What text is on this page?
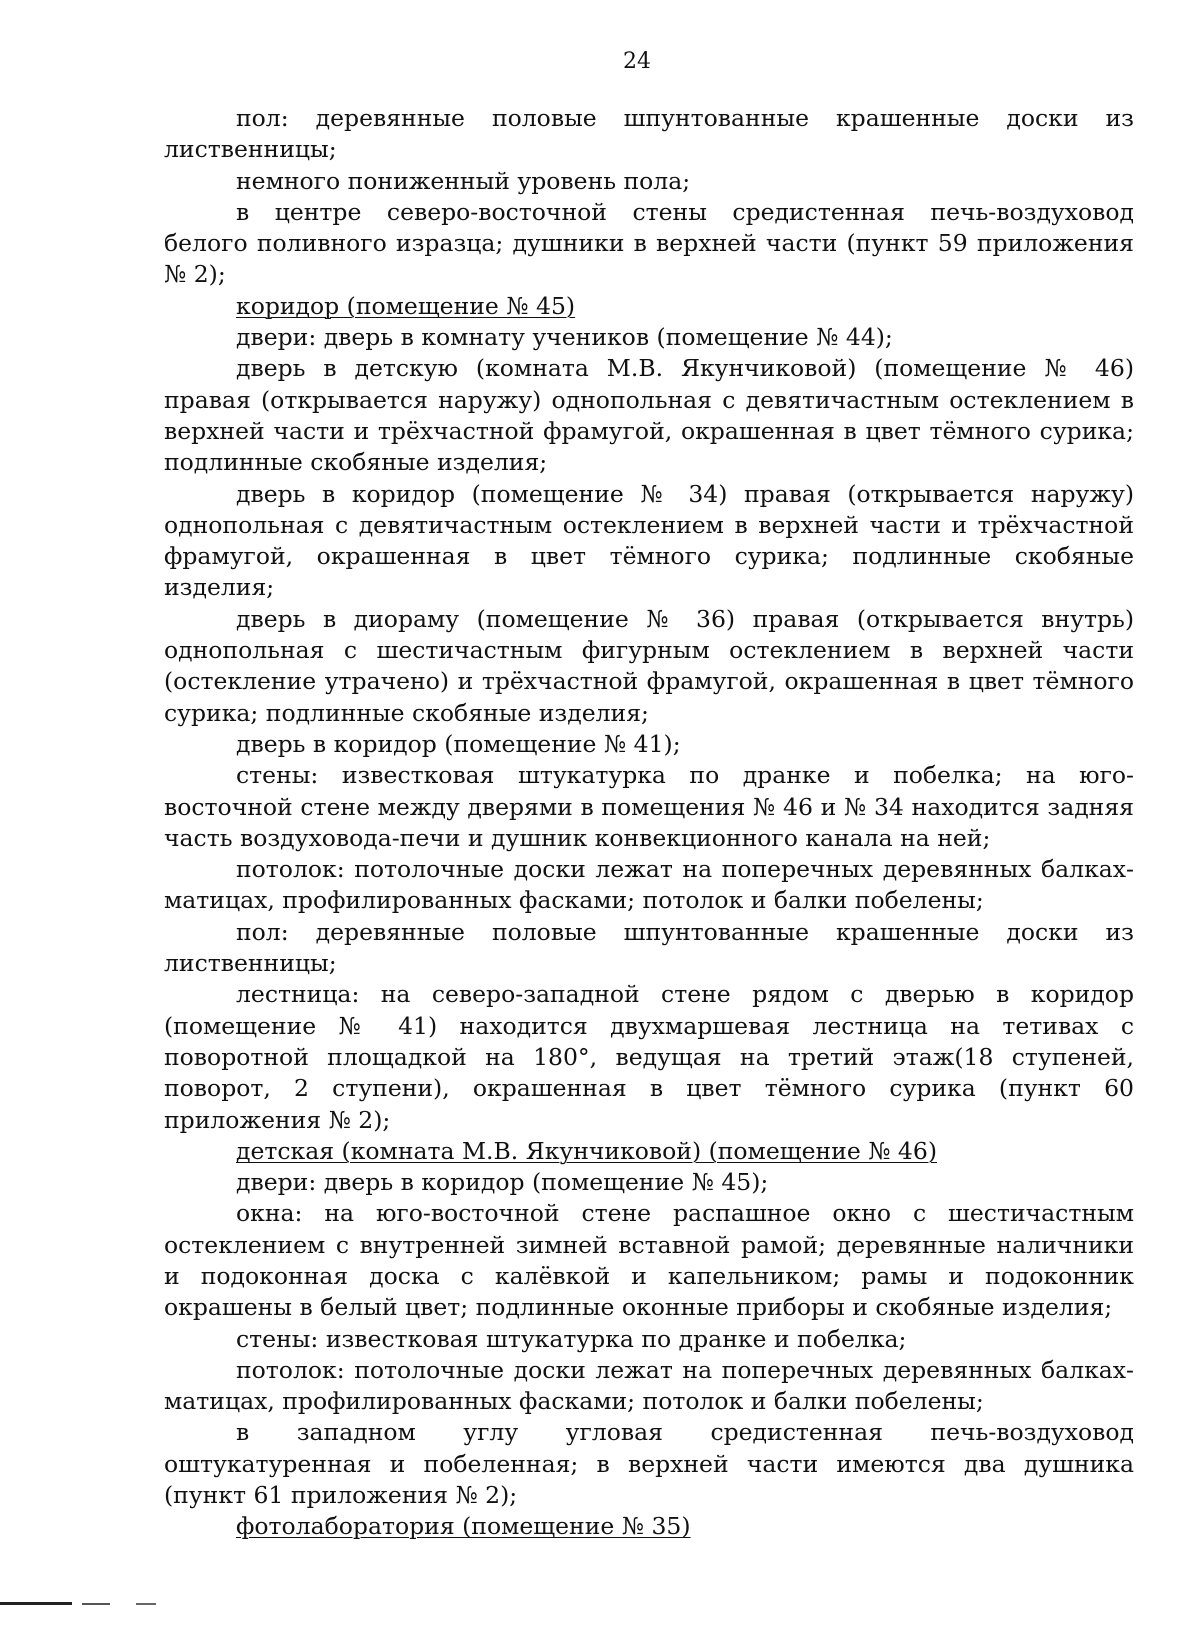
24

пол: деревянные половые шпунтованные крашенные доски из лиственницы;

немного пониженный уровень пола;

в центре северо-восточной стены средистенная печь-воздуховод белого поливного изразца; душники в верхней части (пункт 59 приложения № 2);

коридор (помещение № 45)

двери: дверь в комнату учеников (помещение № 44);

дверь в детскую (комната М.В. Якунчиковой) (помещение № 46) правая (открывается наружу) однопольная с девятичастным остеклением в верхней части и трёхчастной фрамугой, окрашенная в цвет тёмного сурика; подлинные скобяные изделия;

дверь в коридор (помещение № 34) правая (открывается наружу) однопольная с девятичастным остеклением в верхней части и трёхчастной фрамугой, окрашенная в цвет тёмного сурика; подлинные скобяные изделия;

дверь в диораму (помещение № 36) правая (открывается внутрь) однопольная с шестичастным фигурным остеклением в верхней части (остекление утрачено) и трёхчастной фрамугой, окрашенная в цвет тёмного сурика; подлинные скобяные изделия;

дверь в коридор (помещение № 41);

стены: известковая штукатурка по дранке и побелка; на юго-восточной стене между дверями в помещения № 46 и № 34 находится задняя часть воздуховода-печи и душник конвекционного канала на ней;

потолок: потолочные доски лежат на поперечных деревянных балках-матицах, профилированных фасками; потолок и балки побелены;

пол: деревянные половые шпунтованные крашенные доски из лиственницы;

лестница: на северо-западной стене рядом с дверью в коридор (помещение № 41) находится двухмаршевая лестница на тетивах с поворотной площадкой на 180°, ведущая на третий этаж(18 ступеней, поворот, 2 ступени), окрашенная в цвет тёмного сурика (пункт 60 приложения № 2);

детская (комната М.В. Якунчиковой) (помещение № 46)

двери: дверь в коридор (помещение № 45);

окна: на юго-восточной стене распашное окно с шестичастным остеклением с внутренней зимней вставной рамой; деревянные наличники и подоконная доска с калёвкой и капельником; рамы и подоконник окрашены в белый цвет; подлинные оконные приборы и скобяные изделия;

стены: известковая штукатурка по дранке и побелка;

потолок: потолочные доски лежат на поперечных деревянных балках-матицах, профилированных фасками; потолок и балки побелены;

в западном углу угловая средистенная печь-воздуховод оштукатуренная и побеленная; в верхней части имеются два душника (пункт 61 приложения № 2);

фотолаборатория (помещение № 35)
